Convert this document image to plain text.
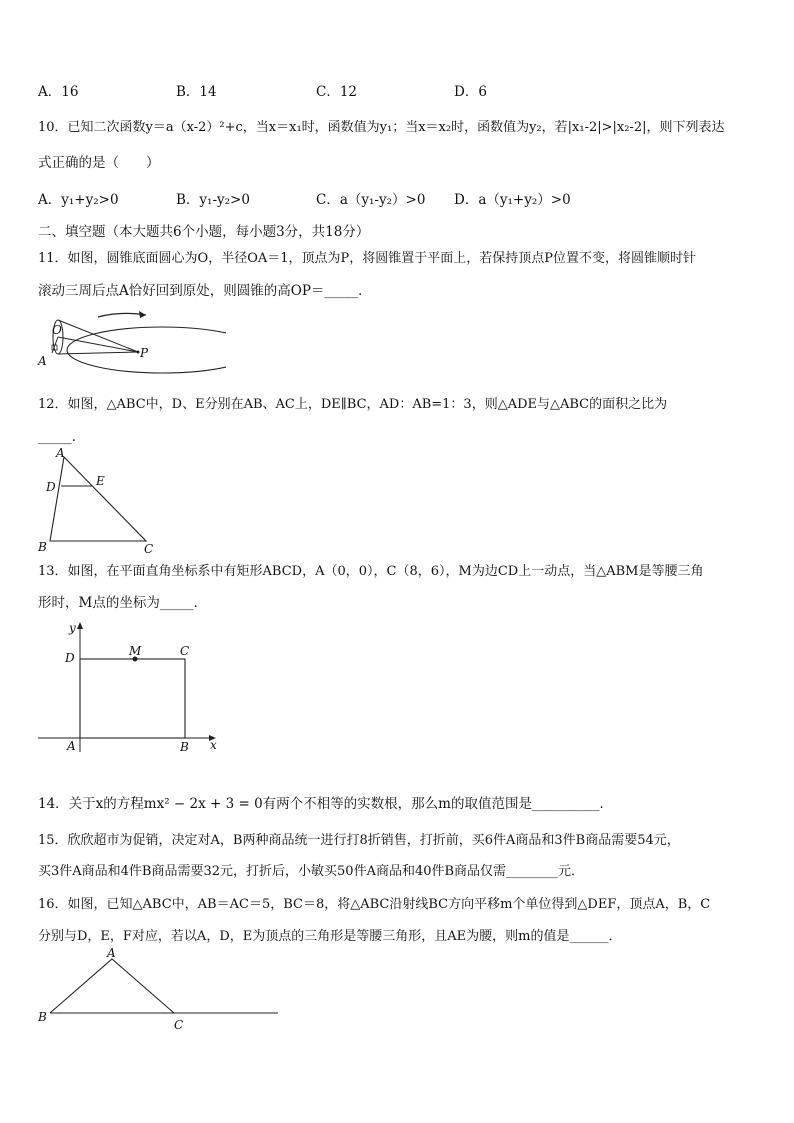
A．16	B．14	C．12	D．6
10．已知二次函数y＝a（x-2）²+c，当x＝x₁时，函数值为y₁；当x＝x₂时，函数值为y₂，若|x₁-2|>|x₂-2|，则下列表达
式正确的是（　　）
A．y₁+y₂>0	B．y₁-y₂>0	C．a（y₁-y₂）>0 D．a（y₁+y₂）>0
二、填空题（本大题共6个小题，每小题3分，共18分）
11．如图，圆锥底面圆心为O，半径OA＝1，顶点为P，将圆锥置于平面上，若保持顶点P位置不变，将圆锥顺时针
滚动三周后点A恰好回到原处，则圆锥的高OP＝_____．
O
A
P
12．如图，△ABC中，D、E分别在AB、AC上，DE∥BC，AD：AB=1：3，则△ADE与△ABC的面积之比为
_____．
A
D	E
B	C
13．如图，在平面直角坐标系中有矩形ABCD，A（0，0），C（8，6），M为边CD上一动点，当△ABM是等腰三角
形时，M点的坐标为_____．
y
x
D	M	C
A	B
14．关于x的方程mx² − 2x + 3 = 0有两个不相等的实数根，那么m的取值范围是__________．
15．欣欣超市为促销，决定对A，B两种商品统一进行打8折销售，打折前，买6件A商品和3件B商品需要54元，
买3件A商品和4件B商品需要32元，打折后，小敏买50件A商品和40件B商品仅需________元．
16．如图，已知△ABC中，AB＝AC＝5，BC＝8，将△ABC沿射线BC方向平移m个单位得到△DEF，顶点A，B，C
分别与D，E，F对应，若以A，D，E为顶点的三角形是等腰三角形，且AE为腰，则m的值是______．
A
B
C
